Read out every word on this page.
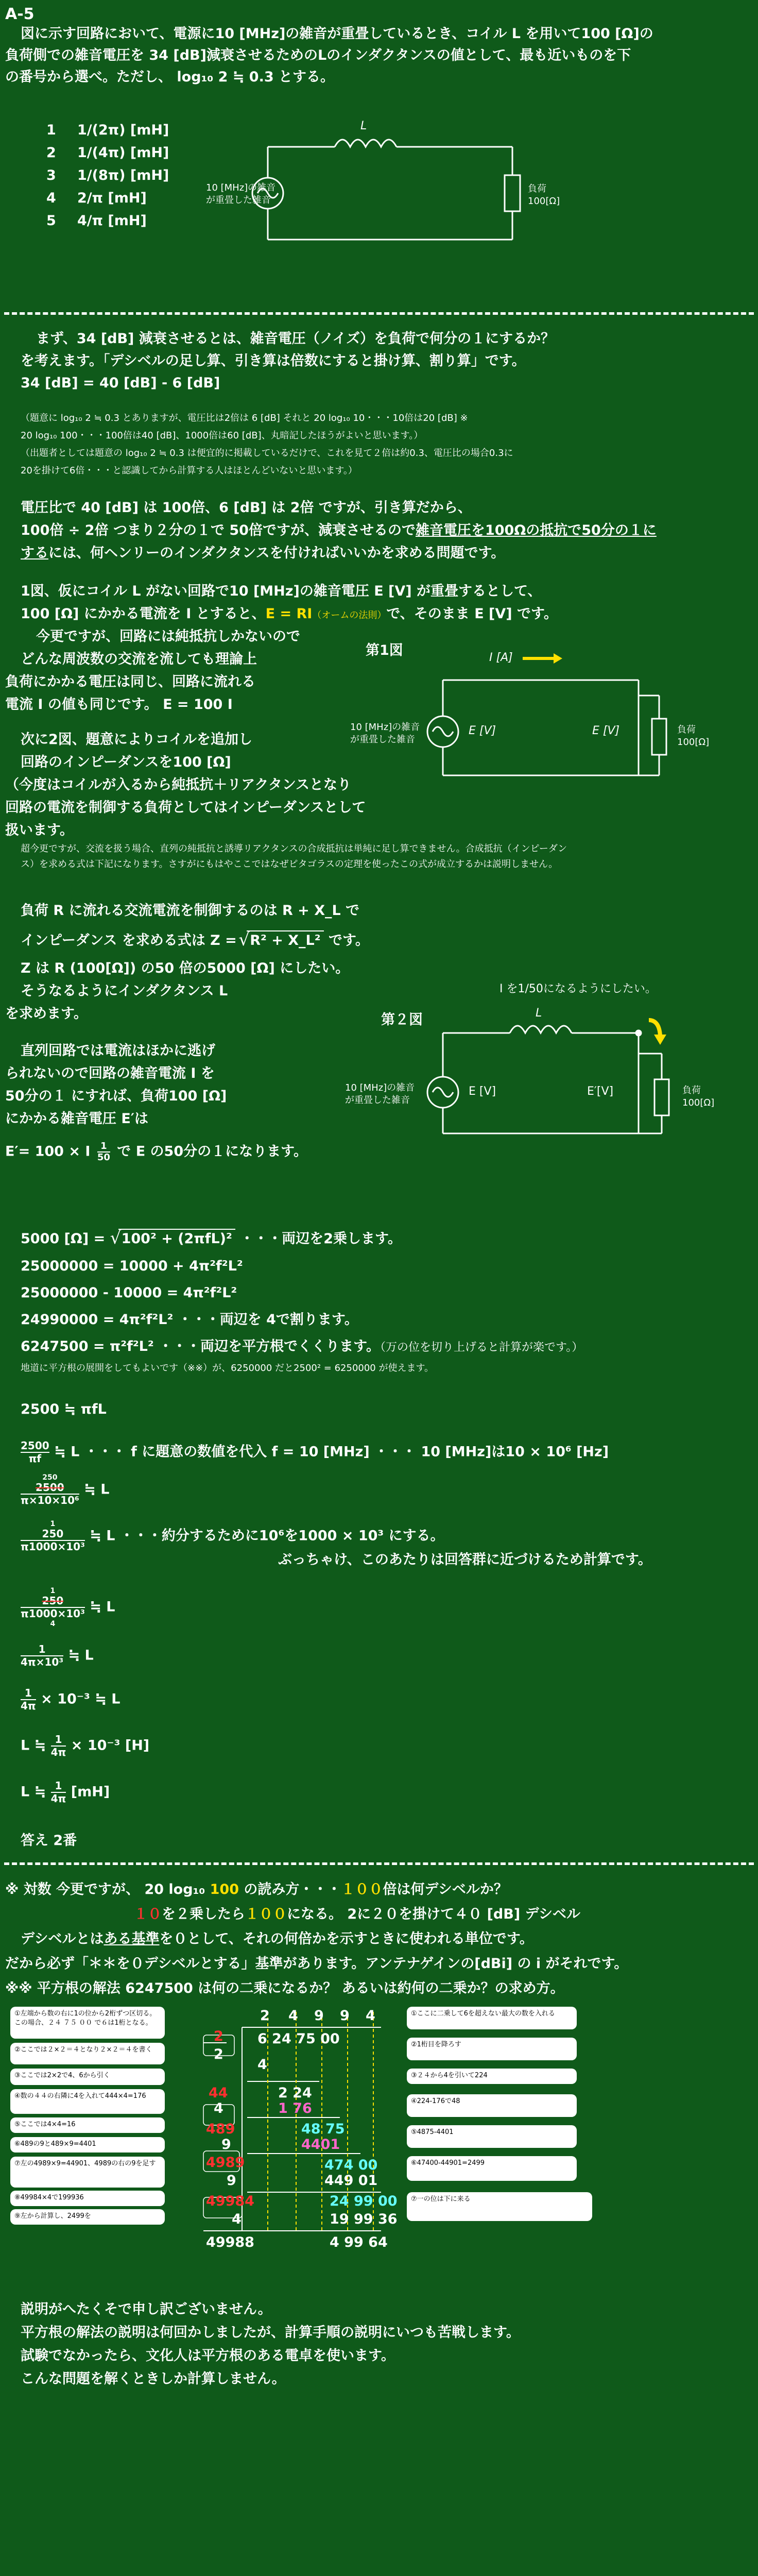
A-5
図に示す回路において、電源に10 [MHz]の雑音が重畳しているとき、コイル L を用いて100 [Ω]の
負荷側での雑音電圧を 34 [dB]減衰させるためのLのインダクタンスの値として、最も近いものを下
の番号から選べ。ただし、 log₁₀ 2 ≒ 0.3 とする。
1 1/(2π) [mH]
2 1/(4π) [mH]
3 1/(8π) [mH]
4 2/π [mH]
5 4/π [mH]
L
10 [MHz]の雑音
が重畳した雑音
負荷
100[Ω]
まず、34 [dB] 減衰させるとは、雑音電圧（ノイズ）を負荷で何分の１にするか？
を考えます。「デシベルの足し算、引き算は倍数にすると掛け算、割り算」です。
34 [dB] = 40 [dB] - 6 [dB]
（題意に log₁₀ 2 ≒ 0.3 とありますが、電圧比は2倍は 6 [dB] それと 20 log₁₀ 10・・・10倍は20 [dB] ※
20 log₁₀ 100・・・100倍は40 [dB]、1000倍は60 [dB]、丸暗記したほうがよいと思います。）
（出題者としては題意の log₁₀ 2 ≒ 0.3 は便宜的に掲載しているだけで、これを見て２倍は約0.3、電圧比の場合0.3に
20を掛けて6倍・・・と認識してから計算する人はほとんどいないと思います。）
電圧比で 40 [dB] は 100倍、6 [dB] は 2倍 ですが、引き算だから、
100倍 ÷ 2倍 つまり２分の１で 50倍ですが、減衰させるので雑音電圧を100Ωの抵抗で50分の１に
するには、何ヘンリーのインダクタンスを付ければいいかを求める問題です。
1図、仮にコイル L がない回路で10 [MHz]の雑音電圧 E [V] が重畳するとして、
100 [Ω] にかかる電流を I とすると、E = RI（オームの法則）で、そのまま E [V] です。
今更ですが、回路には純抵抗しかないので
どんな周波数の交流を流しても理論上
負荷にかかる電圧は同じ、回路に流れる
電流 I の値も同じです。 E = 100 I
次に2図、題意によりコイルを追加し
回路のインピーダンスを100 [Ω]
（今度はコイルが入るから純抵抗＋リアクタンスとなり
回路の電流を制御する負荷としてはインピーダンスとして
扱います。
超今更ですが、交流を扱う場合、直列の純抵抗と誘導リアクタンスの合成抵抗は単純に足し算できません。合成抵抗（インピーダン
ス）を求める式は下記になります。さすがにもはやここではなぜピタゴラスの定理を使ったこの式が成立するかは説明しません。
第1図	I [A]
10 [MHz]の雑音
が重畳した雑音
E [V]	E [V]	負荷
100[Ω]
負荷 R に流れる交流電流を制御するのは R + X_L で
インピーダンス を求める式は Z = √ R² + X_L² です。
Z は R (100[Ω]) の50 倍の5000 [Ω] にしたい。
そうなるようにインダクタンス L
を求めます。
直列回路では電流はほかに逃げ
られないので回路の雑音電流 I を
50分の１ にすれば、負荷100 [Ω]
にかかる雑音電圧 E′は
E′= 100 × I $\frac{1}{50}$ で E の50分の１になります。
I を1/50になるようにしたい。
第２図	L
10 [MHz]の雑音
が重畳した雑音
E [V]	E′[V]	負荷
100[Ω]
5000 [Ω] = √ 100² + (2πfL)² ・・・両辺を2乗します。
25000000 = 10000 + 4π²f²L²
25000000 - 10000 = 4π²f²L²
24990000 = 4π²f²L² ・・・両辺を 4で割ります。
6247500 = π²f²L² ・・・両辺を平方根でくくります。（万の位を切り上げると計算が楽です。）
地道に平方根の展開をしてもよいです（※※）が、6250000 だと2500² = 6250000 が使えます。
2500 ≒ πfL
$\frac{2500}{\pi f}$ ≒ L ・・・ f に題意の数値を代入 f = 10 [MHz] ・・・ 10 [MHz]は10 × 10⁶ [Hz]
250
2500
π×10×10⁶
≒ L
1
250
π1000×10³
≒ L ・・・約分するために10⁶を1000 × 10³ にする。
ぶっちゃけ、このあたりは回答群に近づけるため計算です。
1
250
π1000×10³
4
≒ L
$\frac{1}{\text{4π×10³}}$ ≒ L
$\frac{1}{4\pi} \times 10^{-3}$ ≒ L
L ≒ $\frac{1}{4\pi} \times 10^{-3}$ [H]
L ≒ $\frac{1}{4\pi} [mH]$
答え 2番
※ 対数 今更ですが、 20 log₁₀ 100 の読み方・・・１００倍は何デシベルか？
１０を２乗したら１００になる。 2に２０を掛けて４０ [dB] デシベル
デシベルとはある基準を０として、それの何倍かを示すときに使われる単位です。
だから必ず「＊＊を０デシベルとする」基準があります。アンテナゲインの[dBi] の i がそれです。
※※ 平方根の解法 6247500 は何の二乗になるか？ あるいは約何の二乗か？の求め方。
2 4 9 9 4
6 24 75 00
4
2 24
1 76
48 75
4401
474 00
449 01
24 99 00
19 99 36
4 99 64
2
2
44
4
489
9
4989
9
49984
4
49988
①左端から数の右に1の位から2桁ずつ区切る。この場合、２４ ７５ ００ で６は1桁となる。
②ここでは２×２＝４となり２×２＝４を書く
③ここでは2×2で4、6から引く
④数の４４の右隣に4を入れて444×4=176
⑤ここでは4×4=16
⑥489の9と489×9=4401
⑦左の4989×9=44901、4989の右の9を足す
⑧49984×4で199936
⑨左から計算し、2499を
①ここに二乗して6を超えない最大の数を入れる
②1桁目を降ろす
③２４から4を引いて224
④224-176で48
⑤4875-4401
⑥47400-44901=2499
⑦一の位は下に来る
説明がへたくそで申し訳ございません。
平方根の解法の説明は何回かしましたが、計算手順の説明にいつも苦戦します。
試験でなかったら、文化人は平方根のある電卓を使います。
こんな問題を解くときしか計算しません。
